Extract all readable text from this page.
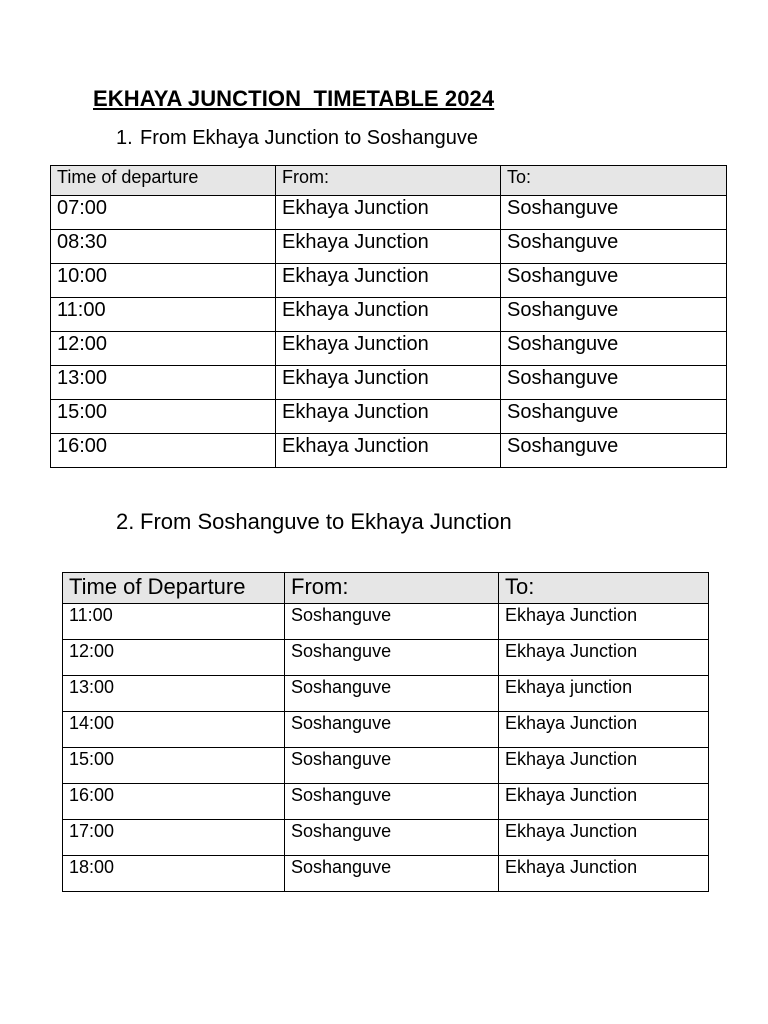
EKHAYA JUNCTION  TIMETABLE 2024

1. From Ekhaya Junction to Soshanguve

Time of departure	From:	To:
07:00	Ekhaya Junction	Soshanguve
08:30	Ekhaya Junction	Soshanguve
10:00	Ekhaya Junction	Soshanguve
11:00	Ekhaya Junction	Soshanguve
12:00	Ekhaya Junction	Soshanguve
13:00	Ekhaya Junction	Soshanguve
15:00	Ekhaya Junction	Soshanguve
16:00	Ekhaya Junction	Soshanguve

2. From Soshanguve to Ekhaya Junction

Time of Departure	From:	To:
11:00	Soshanguve	Ekhaya Junction
12:00	Soshanguve	Ekhaya Junction
13:00	Soshanguve	Ekhaya junction
14:00	Soshanguve	Ekhaya Junction
15:00	Soshanguve	Ekhaya Junction
16:00	Soshanguve	Ekhaya Junction
17:00	Soshanguve	Ekhaya Junction
18:00	Soshanguve	Ekhaya Junction
